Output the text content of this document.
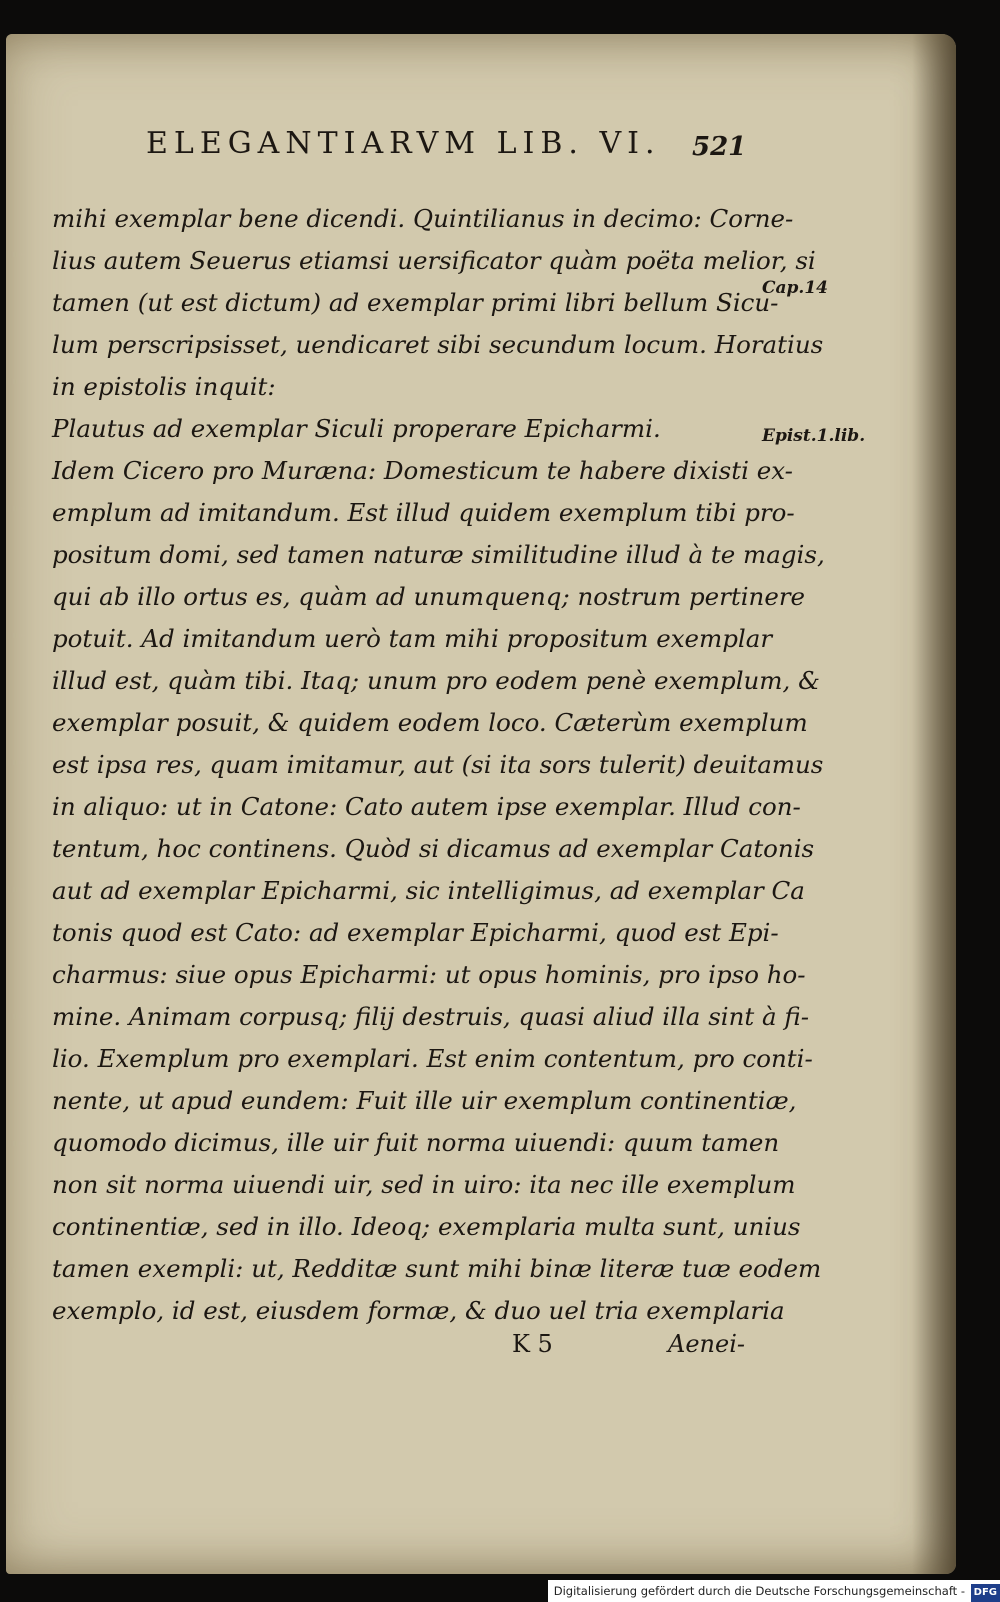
ELEGANTIARVM LIB. VI. 521
mihi exemplar bene dicendi. Quintilianus in decimo: Corne-
lius autem Seuerus etiamsi uersificator quàm poëta melior, si
tamen (ut est dictum) ad exemplar primi libri bellum Sicu-
lum perscripsisset, uendicaret sibi secundum locum. Horatius
in epistolis inquit:
Plautus ad exemplar Siculi properare Epicharmi.
Idem Cicero pro Muræna: Domesticum te habere dixisti ex-
emplum ad imitandum. Est illud quidem exemplum tibi pro-
positum domi, sed tamen naturæ similitudine illud à te magis,
qui ab illo ortus es, quàm ad unumquenq; nostrum pertinere
potuit. Ad imitandum uerò tam mihi propositum exemplar
illud est, quàm tibi. Itaq; unum pro eodem penè exemplum, &
exemplar posuit, & quidem eodem loco. Cæterùm exemplum
est ipsa res, quam imitamur, aut (si ita sors tulerit) deuitamus
in aliquo: ut in Catone: Cato autem ipse exemplar. Illud con-
tentum, hoc continens. Quòd si dicamus ad exemplar Catonis
aut ad exemplar Epicharmi, sic intelligimus, ad exemplar Ca
tonis quod est Cato: ad exemplar Epicharmi, quod est Epi-
charmus: siue opus Epicharmi: ut opus hominis, pro ipso ho-
mine. Animam corpusq; filij destruis, quasi aliud illa sint à fi-
lio. Exemplum pro exemplari. Est enim contentum, pro conti-
nente, ut apud eundem: Fuit ille uir exemplum continentiæ,
quomodo dicimus, ille uir fuit norma uiuendi: quum tamen
non sit norma uiuendi uir, sed in uiro: ita nec ille exemplum
continentiæ, sed in illo. Ideoq; exemplaria multa sunt, unius
tamen exempli: ut, Redditæ sunt mihi binæ literæ tuæ eodem
exemplo, id est, eiusdem formæ, & duo uel tria exemplaria
Cap.14
Epist.1.lib.
K 5	Aenei-
Digitalisierung gefördert durch die Deutsche Forschungsgemeinschaft - DFG
